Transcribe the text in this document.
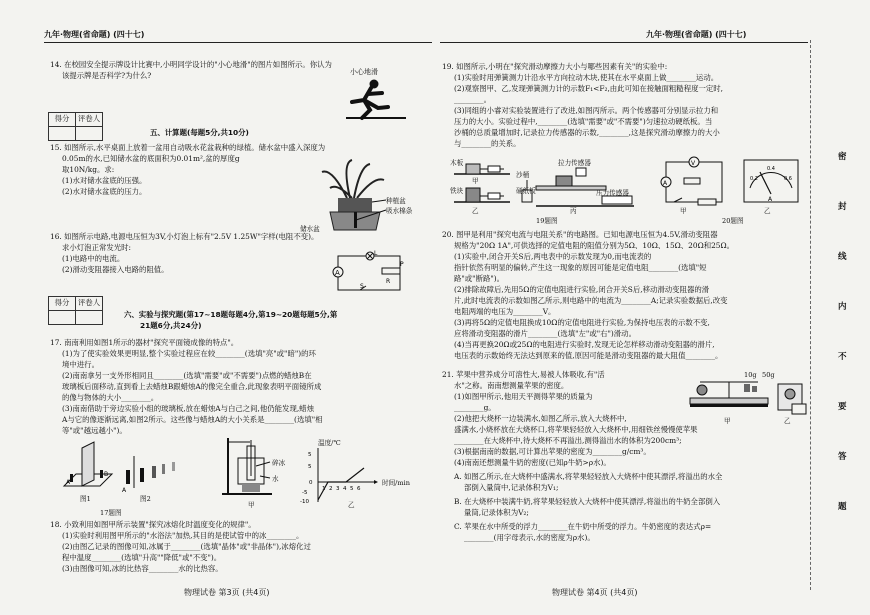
九年·物理(省命题) (四十七)
14. 在校园安全提示牌设计比赛中,小明同学设计的"小心地滑"的图片如图所示。你认为
该提示牌是否科学?为什么?	小心地滑
得分	评卷人

五、计算题(每题5分,共10分)
15. 如图所示,水平桌面上放着一盆用自动吸水花盆栽种的绿植。储水盆中盛入深度为
0.05m的水,已知储水盆的底面积为0.01m²,盆的厚度g
取10N/kg。求:
(1)水对储水盆底的压强。
(2)水对储水盆底的压力。
种植盆
吸水棉条
储水盆
16. 如图所示电路,电源电压恒为3V,小灯泡上标有"2.5V 1.25W"字样(电阻不变)。
求小灯泡正常发光时:
(1)电路中的电流。
(2)滑动变阻器接入电路的阻值。	A
S
L
P
R
得分	评卷人

六、实验与探究题(第17~18题每题4分,第19~20题每题5分,第
21题6分,共24分)
17. 南南利用如图1所示的器材"探究平面镜成像的特点"。
(1)为了使实验效果更明显,整个实验过程应在较________(选填"亮"或"暗")的环
境中进行。
(2)南南拿另一支外形相同且________(选填"需要"或"不需要")点燃的蜡烛B在
玻璃板后面移动,直到看上去蜡烛B跟蜡烛A的像完全重合,此现象表明平面镜所成
的像与物体的大小________。
(3)南南借助于旁边实验小组的玻璃板,放在蜡烛A与白己之间,他仍能发现,蜡烛
A与它的像逐渐远离,如图2所示。这些像与蜡烛A的大小关系是________(选填"相
等"或"越远越小")。
A
B
图1
A
图2
17题图
碎冰
水
甲
温度/℃
5
5
0
-5
-10
1 2 3 4 5 6
时间/min
乙
18. 小致利用如图甲所示装置"探究冰熔化时温度变化的规律"。
(1)实验时利用图甲所示的"水浴法"加热,其目的是使试管中的冰________。
(2)由图乙记录的图像可知,冰属于________(选填"晶体"或"非晶体"),冰熔化过
程中温度________(选填"升高""降低"或"不变")。
(3)由图像可知,冰的比热容________水的比热容。
物理试卷 第3页 (共4页)
九年·物理(省命题) (四十七)
19. 如图所示,小明在"探究滑动摩擦力大小与哪些因素有关"的实验中:
(1)实验时用弹簧测力计沿水平方向拉动木块,使其在水平桌面上做________运动。
(2)观察图甲、乙,发现弹簧测力计的示数F₁<F₂,由此可知在接触面粗糙程度一定时,
________。
(3)同组的小睿对实验装置进行了改进,如图丙所示。两个传感器可分别显示拉力和
压力的大小。实验过程中,________(选填"需要"或"不需要")匀速拉动硬纸板。当
沙桶的总质量增加时,记录拉力传感器的示数,________,这是探究滑动摩擦力的大小
与________的关系。
木板
铁块
沙桶
硬纸板
拉力传感器
压力传感器
甲
乙	丙
19题图
V
A
0.2
0.4
0.6
A
甲	乙
20题图
20. 图甲是利用"探究电流与电阻关系"的电路图。已知电源电压恒为4.5V,滑动变阻器
规格为"20Ω 1A",可供选择的定值电阻的阻值分别为5Ω、10Ω、15Ω、20Ω和25Ω。
(1)实验中,闭合开关S后,两电表中的示数发现为0,而电流表的
指针依然有明显的偏转,产生这一现象的原因可能是定值电阻________(选填"短
路"或"断路")。
(2)排除故障后,先用5Ω的定值电阻进行实验,闭合开关S后,移动滑动变阻器的滑
片,此时电流表的示数如图乙所示,则电路中的电流为________A;记录实验数据后,改变
电阻两端的电压为________V。
(3)再将5Ω的定值电阻换成10Ω的定值电阻进行实验,为保持电压表的示数不变,
应将滑动变阻器的滑片________(选填"左"或"右")滑动。
(4)当再更换20Ω或25Ω的电阻进行实验时,发现无论怎样移动滑动变阻器的滑片,
电压表的示数始终无法达到原来的值,原因可能是滑动变阻器的最大阻值________。
21. 苹果中营养成分可溶性大,易被人体吸收,有"活
水"之称。南南想测量苹果的密度。
(1)如图甲所示,他用天平测得苹果的质量为
________g。
(2)他把大烧杯一边装满水,如图乙所示,放入大烧杯中,
盛满水,小烧杯放在大烧杯口,将苹果轻轻放入大烧杯中,用细铁丝慢慢使苹果
________在大烧杯中,待大烧杯不再溢出,测得溢出水的体积为200cm³;
(3)根据南南的数据,可计算出苹果的密度为________g/cm³。
(4)南南还想测量牛奶的密度(已知ρ牛奶>ρ水)。
A. 如图乙所示,在大烧杯中盛满水,将苹果轻轻放入大烧杯中使其漂浮,将溢出的水全
部倒入量筒中,记录体积为V₁;
B. 在大烧杯中装满牛奶,将苹果轻轻放入大烧杯中使其漂浮,将溢出的牛奶全部倒入
量筒,记录体积为V₂;
C. 苹果在水中所受的浮力________在牛奶中所受的浮力。牛奶密度的表达式ρ=
________(用字母表示,水的密度为ρ水)。
10g 50g
甲	乙
物理试卷 第4页 (共4页)
密
封
线
内
不
要
答
题
